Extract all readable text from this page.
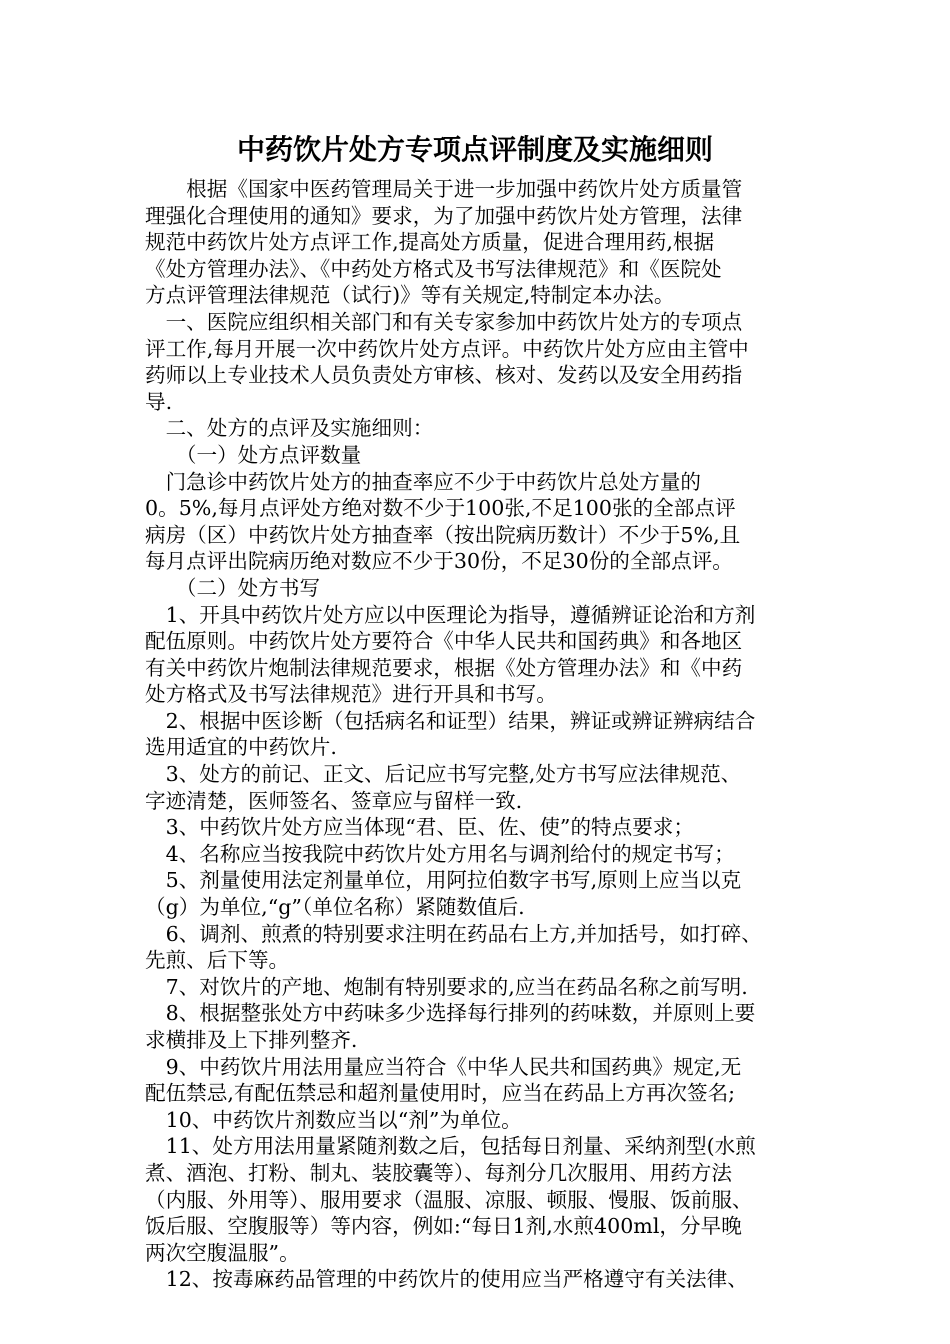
中药饮片处方专项点评制度及实施细则

　　根据《国家中医药管理局关于进一步加强中药饮片处方质量管

理强化合理使用的通知》要求，为了加强中药饮片处方管理，法律

规范中药饮片处方点评工作,提高处方质量，促进合理用药,根据

《处方管理办法》、《中药处方格式及书写法律规范》和《医院处

方点评管理法律规范（试行)》等有关规定,特制定本办法。

　一、医院应组织相关部门和有关专家参加中药饮片处方的专项点

评工作,每月开展一次中药饮片处方点评。中药饮片处方应由主管中

药师以上专业技术人员负责处方审核、核对、发药以及安全用药指

导.

　二、处方的点评及实施细则：

　　（一）处方点评数量

　门急诊中药饮片处方的抽查率应不少于中药饮片总处方量的

0。5%,每月点评处方绝对数不少于100张,不足100张的全部点评

病房（区）中药饮片处方抽查率（按出院病历数计）不少于5%,且

每月点评出院病历绝对数应不少于30份，不足30份的全部点评。

　　（二）处方书写

　1、开具中药饮片处方应以中医理论为指导，遵循辨证论治和方剂

配伍原则。中药饮片处方要符合《中华人民共和国药典》和各地区

有关中药饮片炮制法律规范要求，根据《处方管理办法》和《中药

处方格式及书写法律规范》进行开具和书写。

　2、根据中医诊断（包括病名和证型）结果，辨证或辨证辨病结合

选用适宜的中药饮片.

　3、处方的前记、正文、后记应书写完整,处方书写应法律规范、

字迹清楚，医师签名、签章应与留样一致.

　3、中药饮片处方应当体现“君、臣、佐、使”的特点要求；

　4、名称应当按我院中药饮片处方用名与调剂给付的规定书写；

　5、剂量使用法定剂量单位，用阿拉伯数字书写,原则上应当以克

（g）为单位,“g”（单位名称）紧随数值后.

　6、调剂、煎煮的特别要求注明在药品右上方,并加括号，如打碎、

先煎、后下等。

　7、对饮片的产地、炮制有特别要求的,应当在药品名称之前写明.

　8、根据整张处方中药味多少选择每行排列的药味数，并原则上要

求横排及上下排列整齐.

　9、中药饮片用法用量应当符合《中华人民共和国药典》规定,无

配伍禁忌,有配伍禁忌和超剂量使用时，应当在药品上方再次签名;

　10、中药饮片剂数应当以“剂”为单位。

　11、处方用法用量紧随剂数之后，包括每日剂量、采纳剂型(水煎

煮、酒泡、打粉、制丸、装胶囊等）、每剂分几次服用、用药方法

（内服、外用等）、服用要求（温服、凉服、顿服、慢服、饭前服、

饭后服、空腹服等）等内容，例如:“每日1剂,水煎400ml，分早晚

两次空腹温服”。

　12、按毒麻药品管理的中药饮片的使用应当严格遵守有关法律、
